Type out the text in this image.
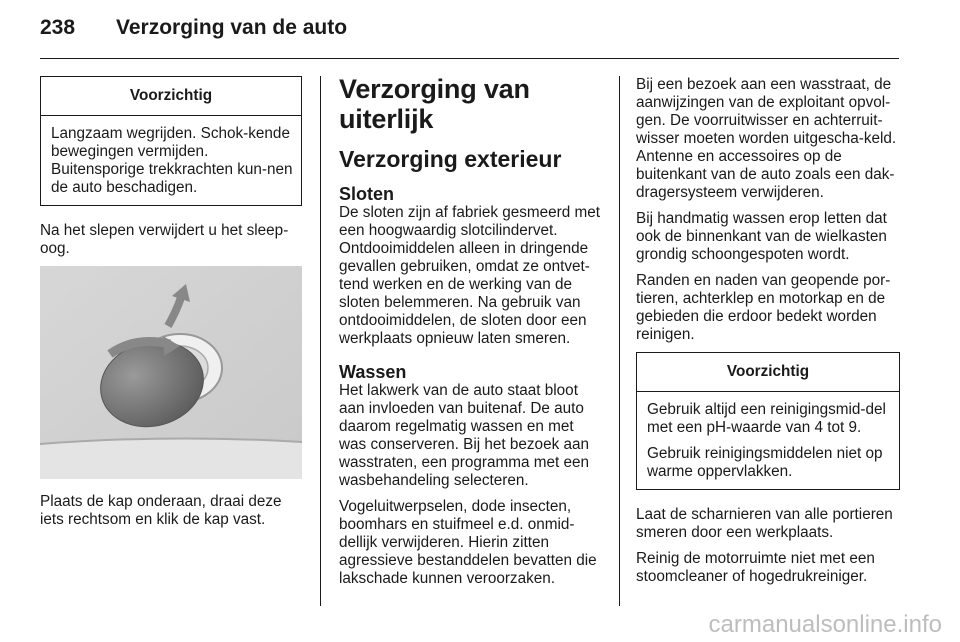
238 Verzorging van de auto
Voorzichtig

Langzaam wegrijden. Schok-kende bewegingen vermijden. Buitensporige trekkrachten kun-nen de auto beschadigen.

Na het slepen verwijdert u het sleep-oog.

Plaats de kap onderaan, draai deze iets rechtsom en klik de kap vast.

Verzorging van uiterlijk
Verzorging exterieur
Sloten

De sloten zijn af fabriek gesmeerd met een hoogwaardig slotcilindervet. Ontdooimiddelen alleen in dringende gevallen gebruiken, omdat ze ontvet-tend werken en de werking van de sloten belemmeren. Na gebruik van ontdooimiddelen, de sloten door een werkplaats opnieuw laten smeren.

Wassen

Het lakwerk van de auto staat bloot aan invloeden van buitenaf. De auto daarom regelmatig wassen en met was conserveren. Bij het bezoek aan wasstraten, een programma met een wasbehandeling selecteren.

Vogeluitwerpselen, dode insecten, boomhars en stuifmeel e.d. onmid-dellijk verwijderen. Hierin zitten agressieve bestanddelen bevatten die lakschade kunnen veroorzaken.

Bij een bezoek aan een wasstraat, de aanwijzingen van de exploitant opvol-gen. De voorruitwisser en achterruit-wisser moeten worden uitgescha-keld. Antenne en accessoires op de buitenkant van de auto zoals een dak-dragersysteem verwijderen.

Bij handmatig wassen erop letten dat ook de binnenkant van de wielkasten grondig schoongespoten wordt.

Randen en naden van geopende por-tieren, achterklep en motorkap en de gebieden die erdoor bedekt worden reinigen.

Voorzichtig

Gebruik altijd een reinigingsmid-del met een pH-waarde van 4 tot 9.

Gebruik reinigingsmiddelen niet op warme oppervlakken.

Laat de scharnieren van alle portieren smeren door een werkplaats.

Reinig de motorruimte niet met een stoomcleaner of hogedrukreiniger.

carmanualsonline.info
